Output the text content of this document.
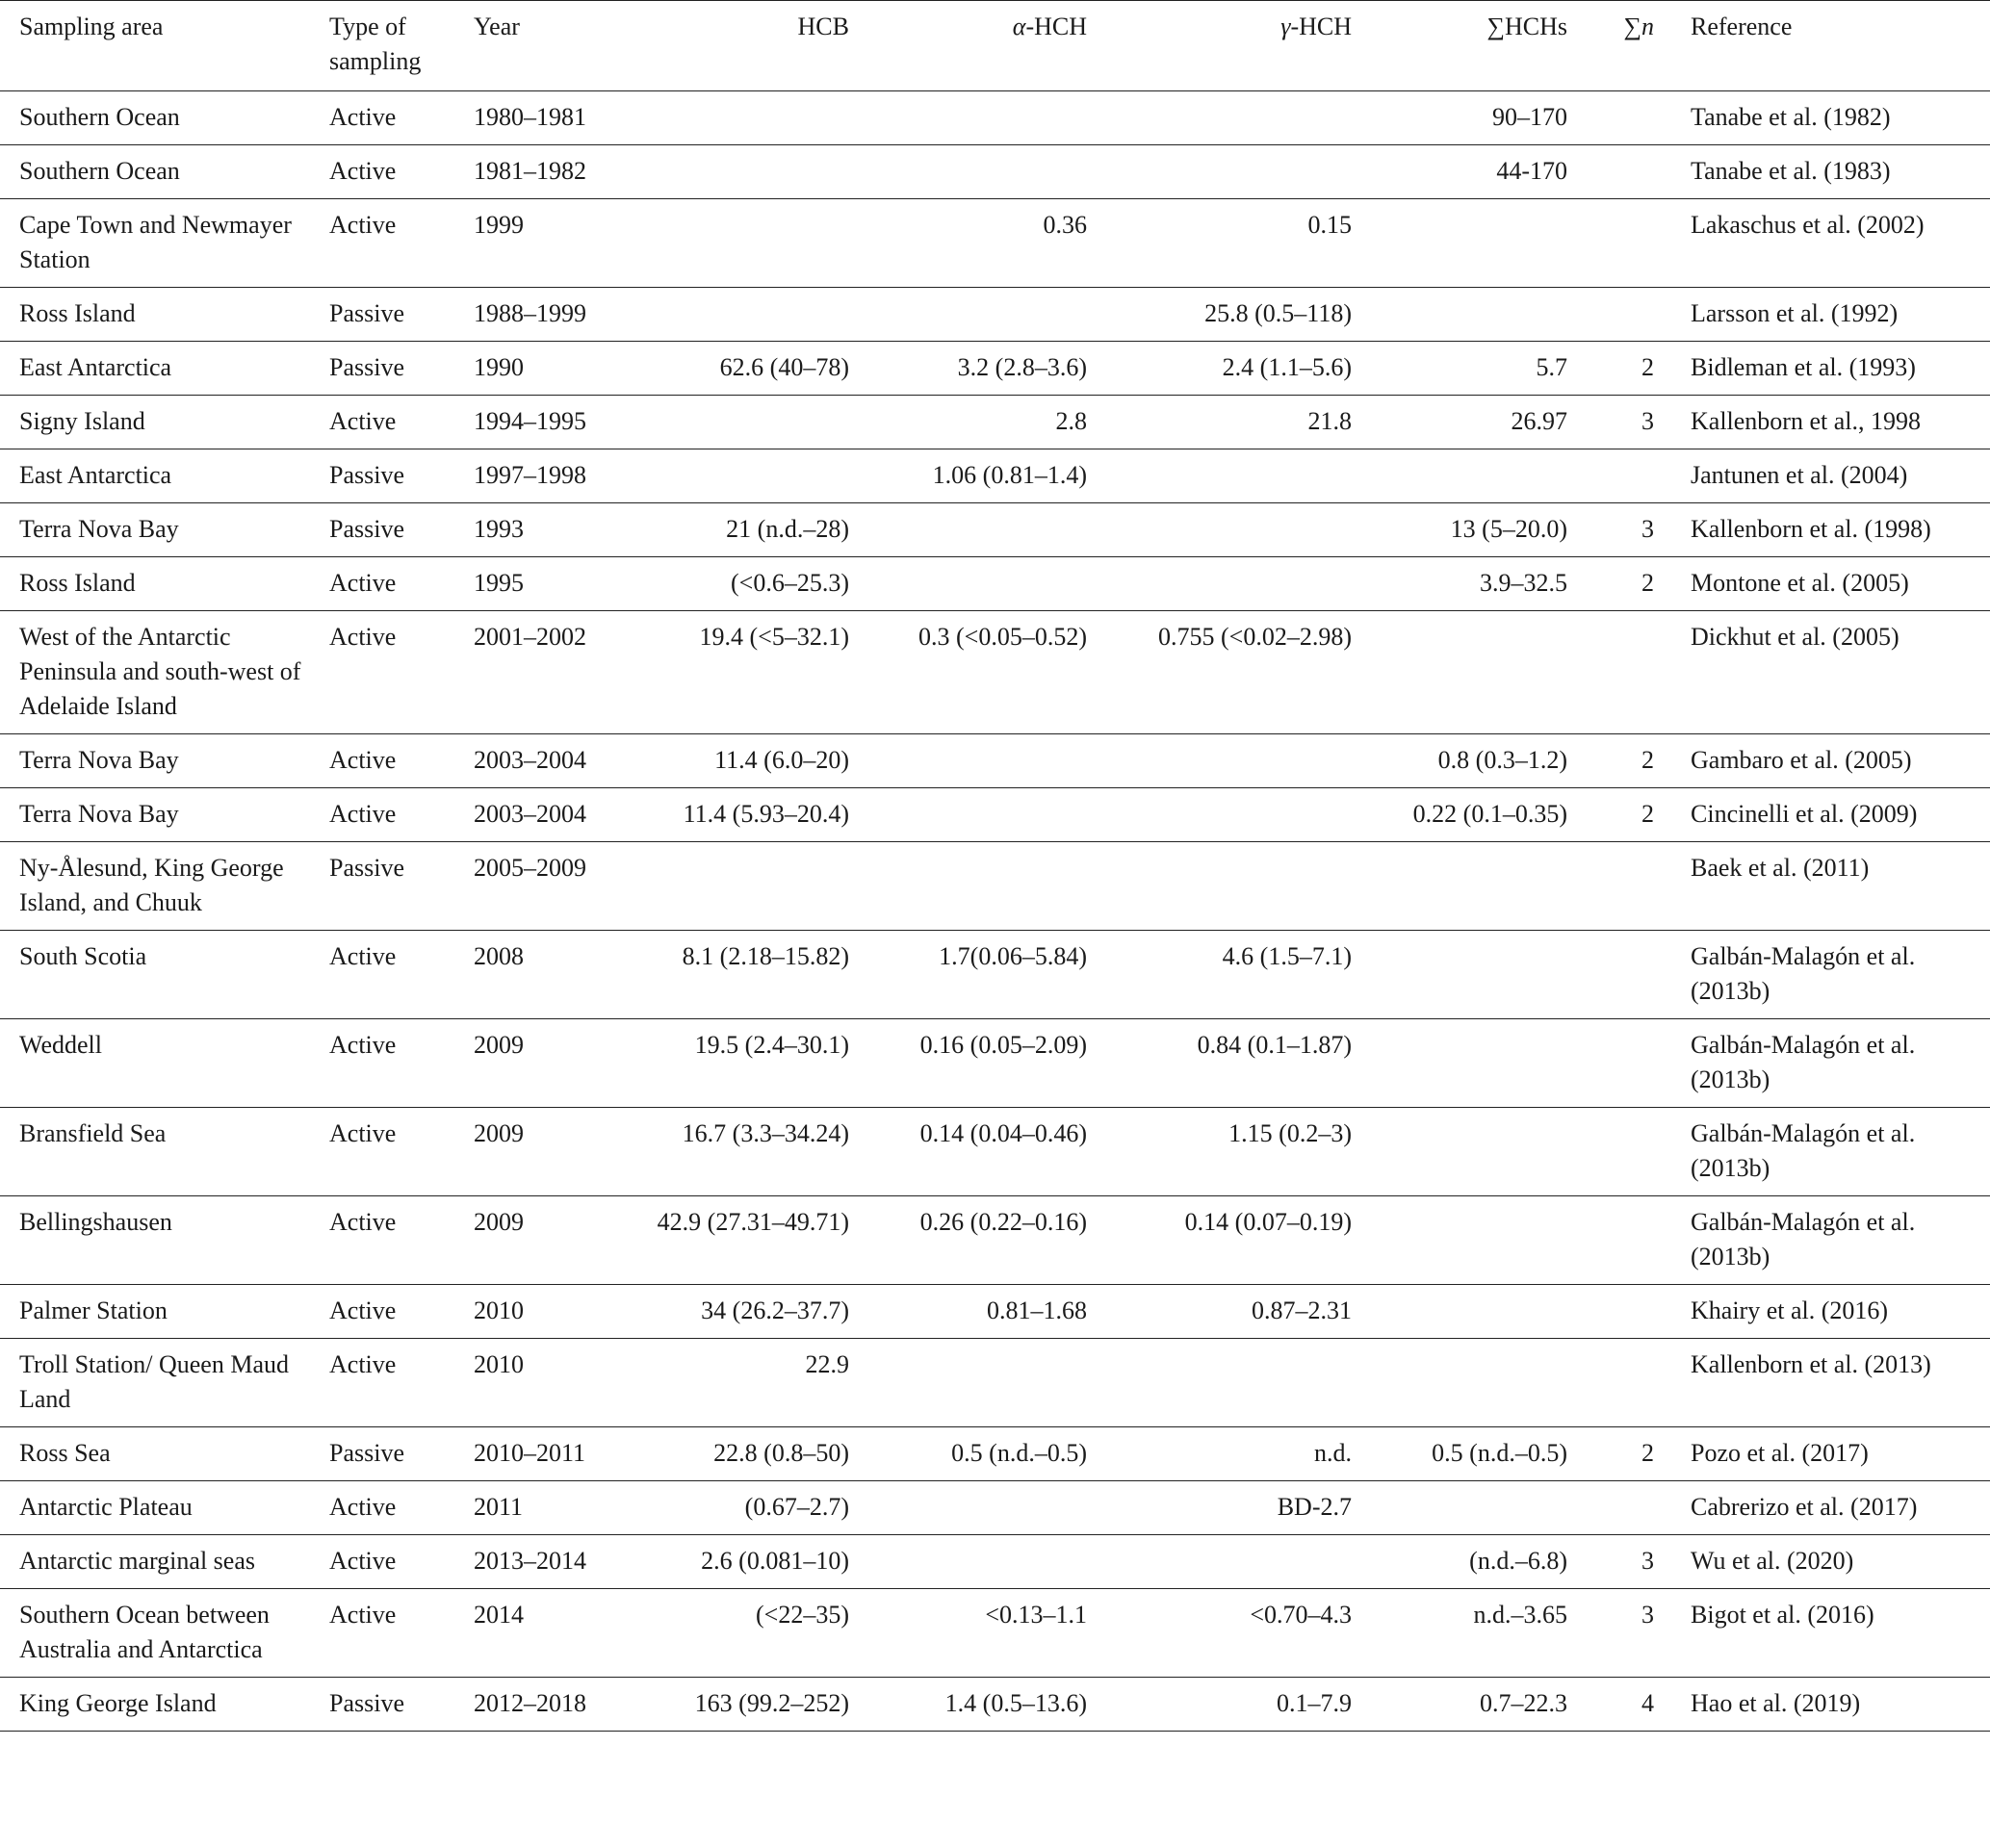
Sampling area	Type of sampling	Year	HCB	α-HCH	γ-HCH	∑HCHs	∑n	Reference
Southern Ocean	Active	1980–1981				90–170		Tanabe et al. (1982)
Southern Ocean	Active	1981–1982				44-170		Tanabe et al. (1983)
Cape Town and Newmayer Station	Active	1999		0.36	0.15			Lakaschus et al. (2002)
Ross Island	Passive	1988–1999			25.8 (0.5–118)			Larsson et al. (1992)
East Antarctica	Passive	1990	62.6 (40–78)	3.2 (2.8–3.6)	2.4 (1.1–5.6)	5.7	2	Bidleman et al. (1993)
Signy Island	Active	1994–1995		2.8	21.8	26.97	3	Kallenborn et al., 1998
East Antarctica	Passive	1997–1998		1.06 (0.81–1.4)				Jantunen et al. (2004)
Terra Nova Bay	Passive	1993	21 (n.d.–28)			13 (5–20.0)	3	Kallenborn et al. (1998)
Ross Island	Active	1995	(<0.6–25.3)			3.9–32.5	2	Montone et al. (2005)
West of the Antarctic Peninsula and south-west of Adelaide Island	Active	2001–2002	19.4 (<5–32.1)	0.3 (<0.05–0.52)	0.755 (<0.02–2.98)			Dickhut et al. (2005)
Terra Nova Bay	Active	2003–2004	11.4 (6.0–20)			0.8 (0.3–1.2)	2	Gambaro et al. (2005)
Terra Nova Bay	Active	2003–2004	11.4 (5.93–20.4)			0.22 (0.1–0.35)	2	Cincinelli et al. (2009)
Ny-Ålesund, King George Island, and Chuuk	Passive	2005–2009						Baek et al. (2011)
South Scotia	Active	2008	8.1 (2.18–15.82)	1.7(0.06–5.84)	4.6 (1.5–7.1)			Galbán-Malagón et al. (2013b)
Weddell	Active	2009	19.5 (2.4–30.1)	0.16 (0.05–2.09)	0.84 (0.1–1.87)			Galbán-Malagón et al. (2013b)
Bransfield Sea	Active	2009	16.7 (3.3–34.24)	0.14 (0.04–0.46)	1.15 (0.2–3)			Galbán-Malagón et al. (2013b)
Bellingshausen	Active	2009	42.9 (27.31–49.71)	0.26 (0.22–0.16)	0.14 (0.07–0.19)			Galbán-Malagón et al. (2013b)
Palmer Station	Active	2010	34 (26.2–37.7)	0.81–1.68	0.87–2.31			Khairy et al. (2016)
Troll Station/ Queen Maud Land	Active	2010	22.9					Kallenborn et al. (2013)
Ross Sea	Passive	2010–2011	22.8 (0.8–50)	0.5 (n.d.–0.5)	n.d.	0.5 (n.d.–0.5)	2	Pozo et al. (2017)
Antarctic Plateau	Active	2011	(0.67–2.7)		BD-2.7			Cabrerizo et al. (2017)
Antarctic marginal seas	Active	2013–2014	2.6 (0.081–10)			(n.d.–6.8)	3	Wu et al. (2020)
Southern Ocean between Australia and Antarctica	Active	2014	(<22–35)	<0.13–1.1	<0.70–4.3	n.d.–3.65	3	Bigot et al. (2016)
King George Island	Passive	2012–2018	163 (99.2–252)	1.4 (0.5–13.6)	0.1–7.9	0.7–22.3	4	Hao et al. (2019)
